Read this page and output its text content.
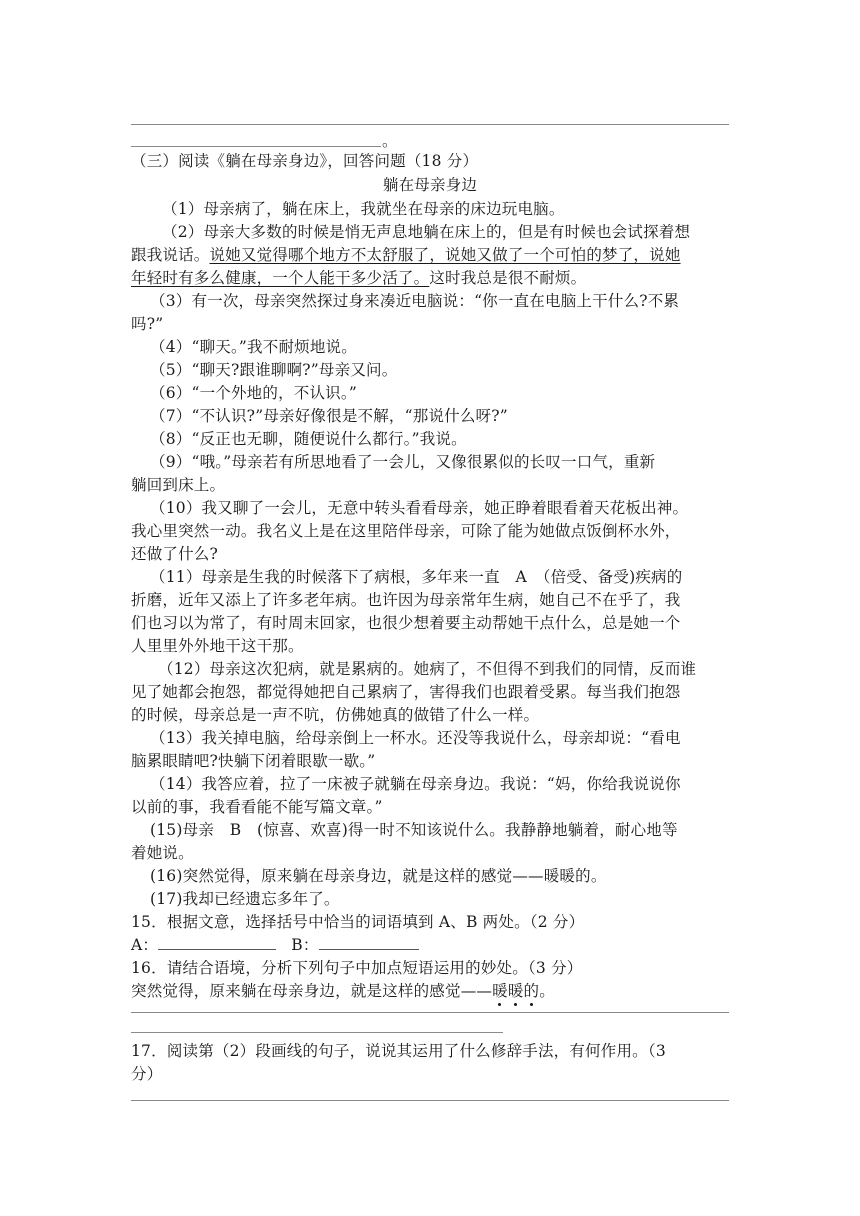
。
（三）阅读《躺在母亲身边》，回答问题（18 分）
躺在母亲身边
（1）母亲病了，躺在床上，我就坐在母亲的床边玩电脑。
（2）母亲大多数的时候是悄无声息地躺在床上的，但是有时候也会试探着想
跟我说话。说她又觉得哪个地方不太舒服了，说她又做了一个可怕的梦了，说她
年轻时有多么健康，一个人能干多少活了。这时我总是很不耐烦。
（3）有一次，母亲突然探过身来凑近电脑说：“你一直在电脑上干什么?不累
吗?”
（4）“聊天。”我不耐烦地说。
（5）“聊天?跟谁聊啊?”母亲又问。
（6）“一个外地的，不认识。”
（7）“不认识?”母亲好像很是不解，“那说什么呀?”
（8）“反正也无聊，随便说什么都行。”我说。
（9）“哦。”母亲若有所思地看了一会儿，又像很累似的长叹一口气，重新
躺回到床上。
（10）我又聊了一会儿，无意中转头看看母亲，她正睁着眼看着天花板出神。
我心里突然一动。我名义上是在这里陪伴母亲，可除了能为她做点饭倒杯水外，
还做了什么?
（11）母亲是生我的时候落下了病根，多年来一直　A　（倍受、备受)疾病的
折磨，近年又添上了许多老年病。也许因为母亲常年生病，她自己不在乎了，我
们也习以为常了，有时周末回家，也很少想着要主动帮她干点什么，总是她一个
人里里外外地干这干那。
（12）母亲这次犯病，就是累病的。她病了，不但得不到我们的同情，反而谁
见了她都会抱怨，都觉得她把自己累病了，害得我们也跟着受累。每当我们抱怨
的时候，母亲总是一声不吭，仿佛她真的做错了什么一样。
（13）我关掉电脑，给母亲倒上一杯水。还没等我说什么，母亲却说：“看电
脑累眼睛吧?快躺下闭着眼歇一歇。”
（14）我答应着，拉了一床被子就躺在母亲身边。我说：“妈，你给我说说你
以前的事，我看看能不能写篇文章。”
(15)母亲　B　(惊喜、欢喜)得一时不知该说什么。我静静地躺着，耐心地等
着她说。
(16)突然觉得，原来躺在母亲身边，就是这样的感觉——暖暖的。
(17)我却已经遗忘多年了。
15．根据文意，选择括号中恰当的词语填到 A、B 两处。（2 分）
A：	B：
16．请结合语境，分析下列句子中加点短语运用的妙处。（3 分）
突然觉得，原来躺在母亲身边，就是这样的感觉——暖暖的。
17．阅读第（2）段画线的句子，说说其运用了什么修辞手法，有何作用。（3
分）
